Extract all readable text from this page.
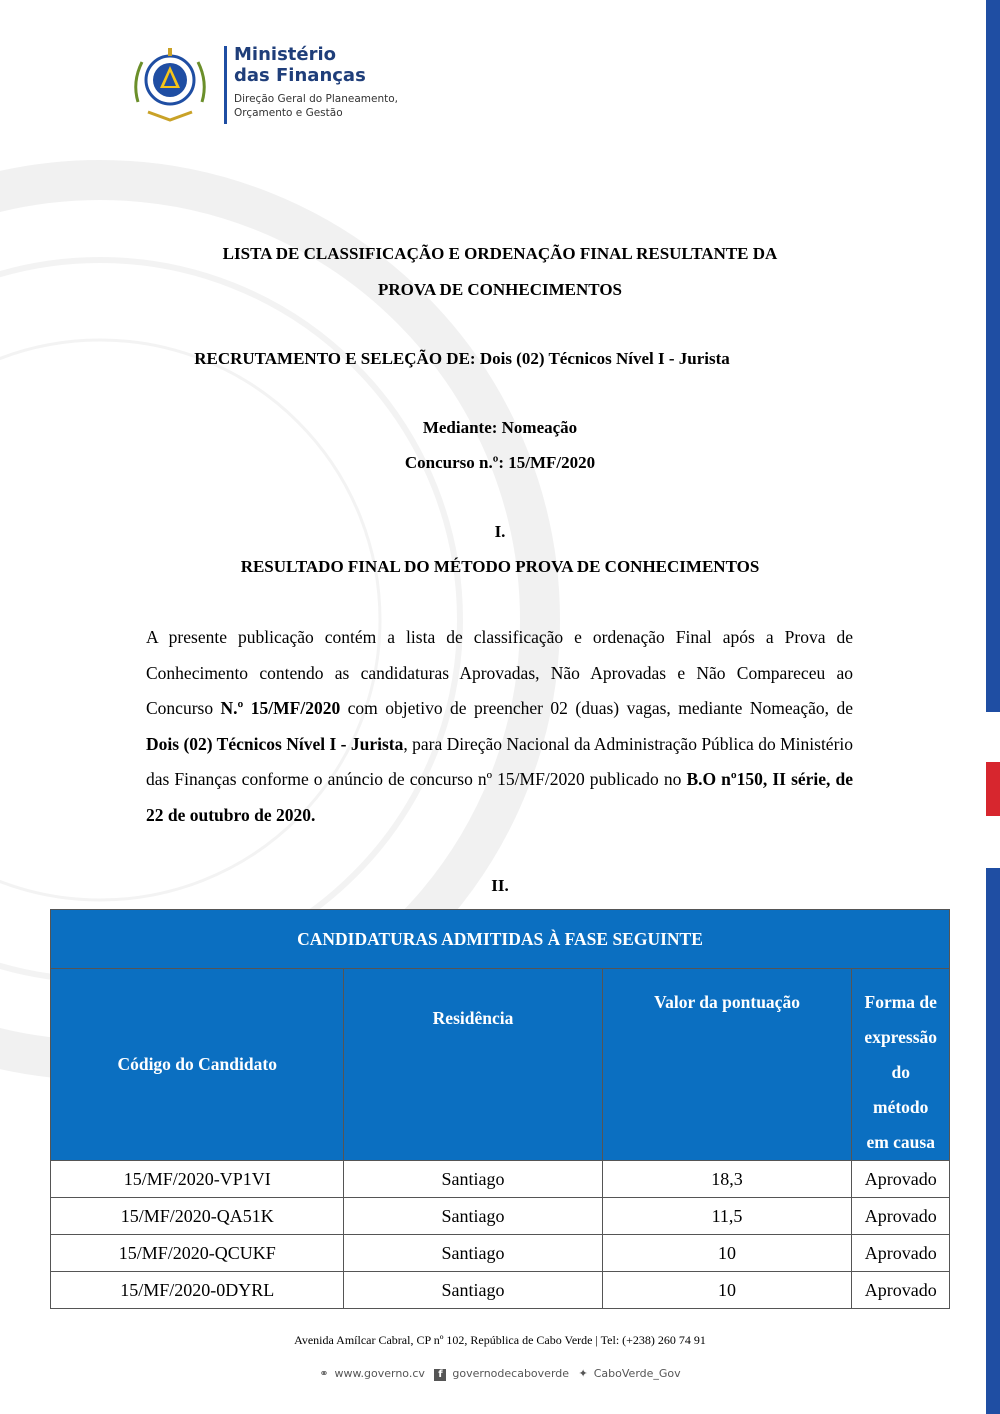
Ministério
das Finanças
Direção Geral do Planeamento,
Orçamento e Gestão
LISTA DE CLASSIFICAÇÃO E ORDENAÇÃO FINAL RESULTANTE DA
PROVA DE CONHECIMENTOS
RECRUTAMENTO E SELEÇÃO DE: Dois (02) Técnicos Nível I - Jurista
Mediante: Nomeação
Concurso n.º: 15/MF/2020
I.
RESULTADO FINAL DO MÉTODO PROVA DE CONHECIMENTOS
A presente publicação contém a lista de classificação e ordenação Final após a Prova de Conhecimento contendo as candidaturas Aprovadas, Não Aprovadas e Não Compareceu ao Concurso N.º 15/MF/2020 com objetivo de preencher 02 (duas) vagas, mediante Nomeação, de Dois (02) Técnicos Nível I - Jurista, para Direção Nacional da Administração Pública do Ministério das Finanças conforme o anúncio de concurso nº 15/MF/2020 publicado no B.O nº150, II série, de 22 de outubro de 2020.
II.
CANDIDATURAS ADMITIDAS À FASE SEGUINTE			
Código do Candidato	Residência	Valor da pontuação	Forma de expressão do método em causa
15/MF/2020-VP1VI	Santiago	18,3	Aprovado
15/MF/2020-QA51K	Santiago	11,5	Aprovado
15/MF/2020-QCUKF	Santiago	10	Aprovado
15/MF/2020-0DYRL	Santiago	10	Aprovado
Avenida Amílcar Cabral, CP nº 102, República de Cabo Verde | Tel: (+238) 260 74 91
⚭ www.governo.cv f governodecaboverde ✦ CaboVerde_Gov
